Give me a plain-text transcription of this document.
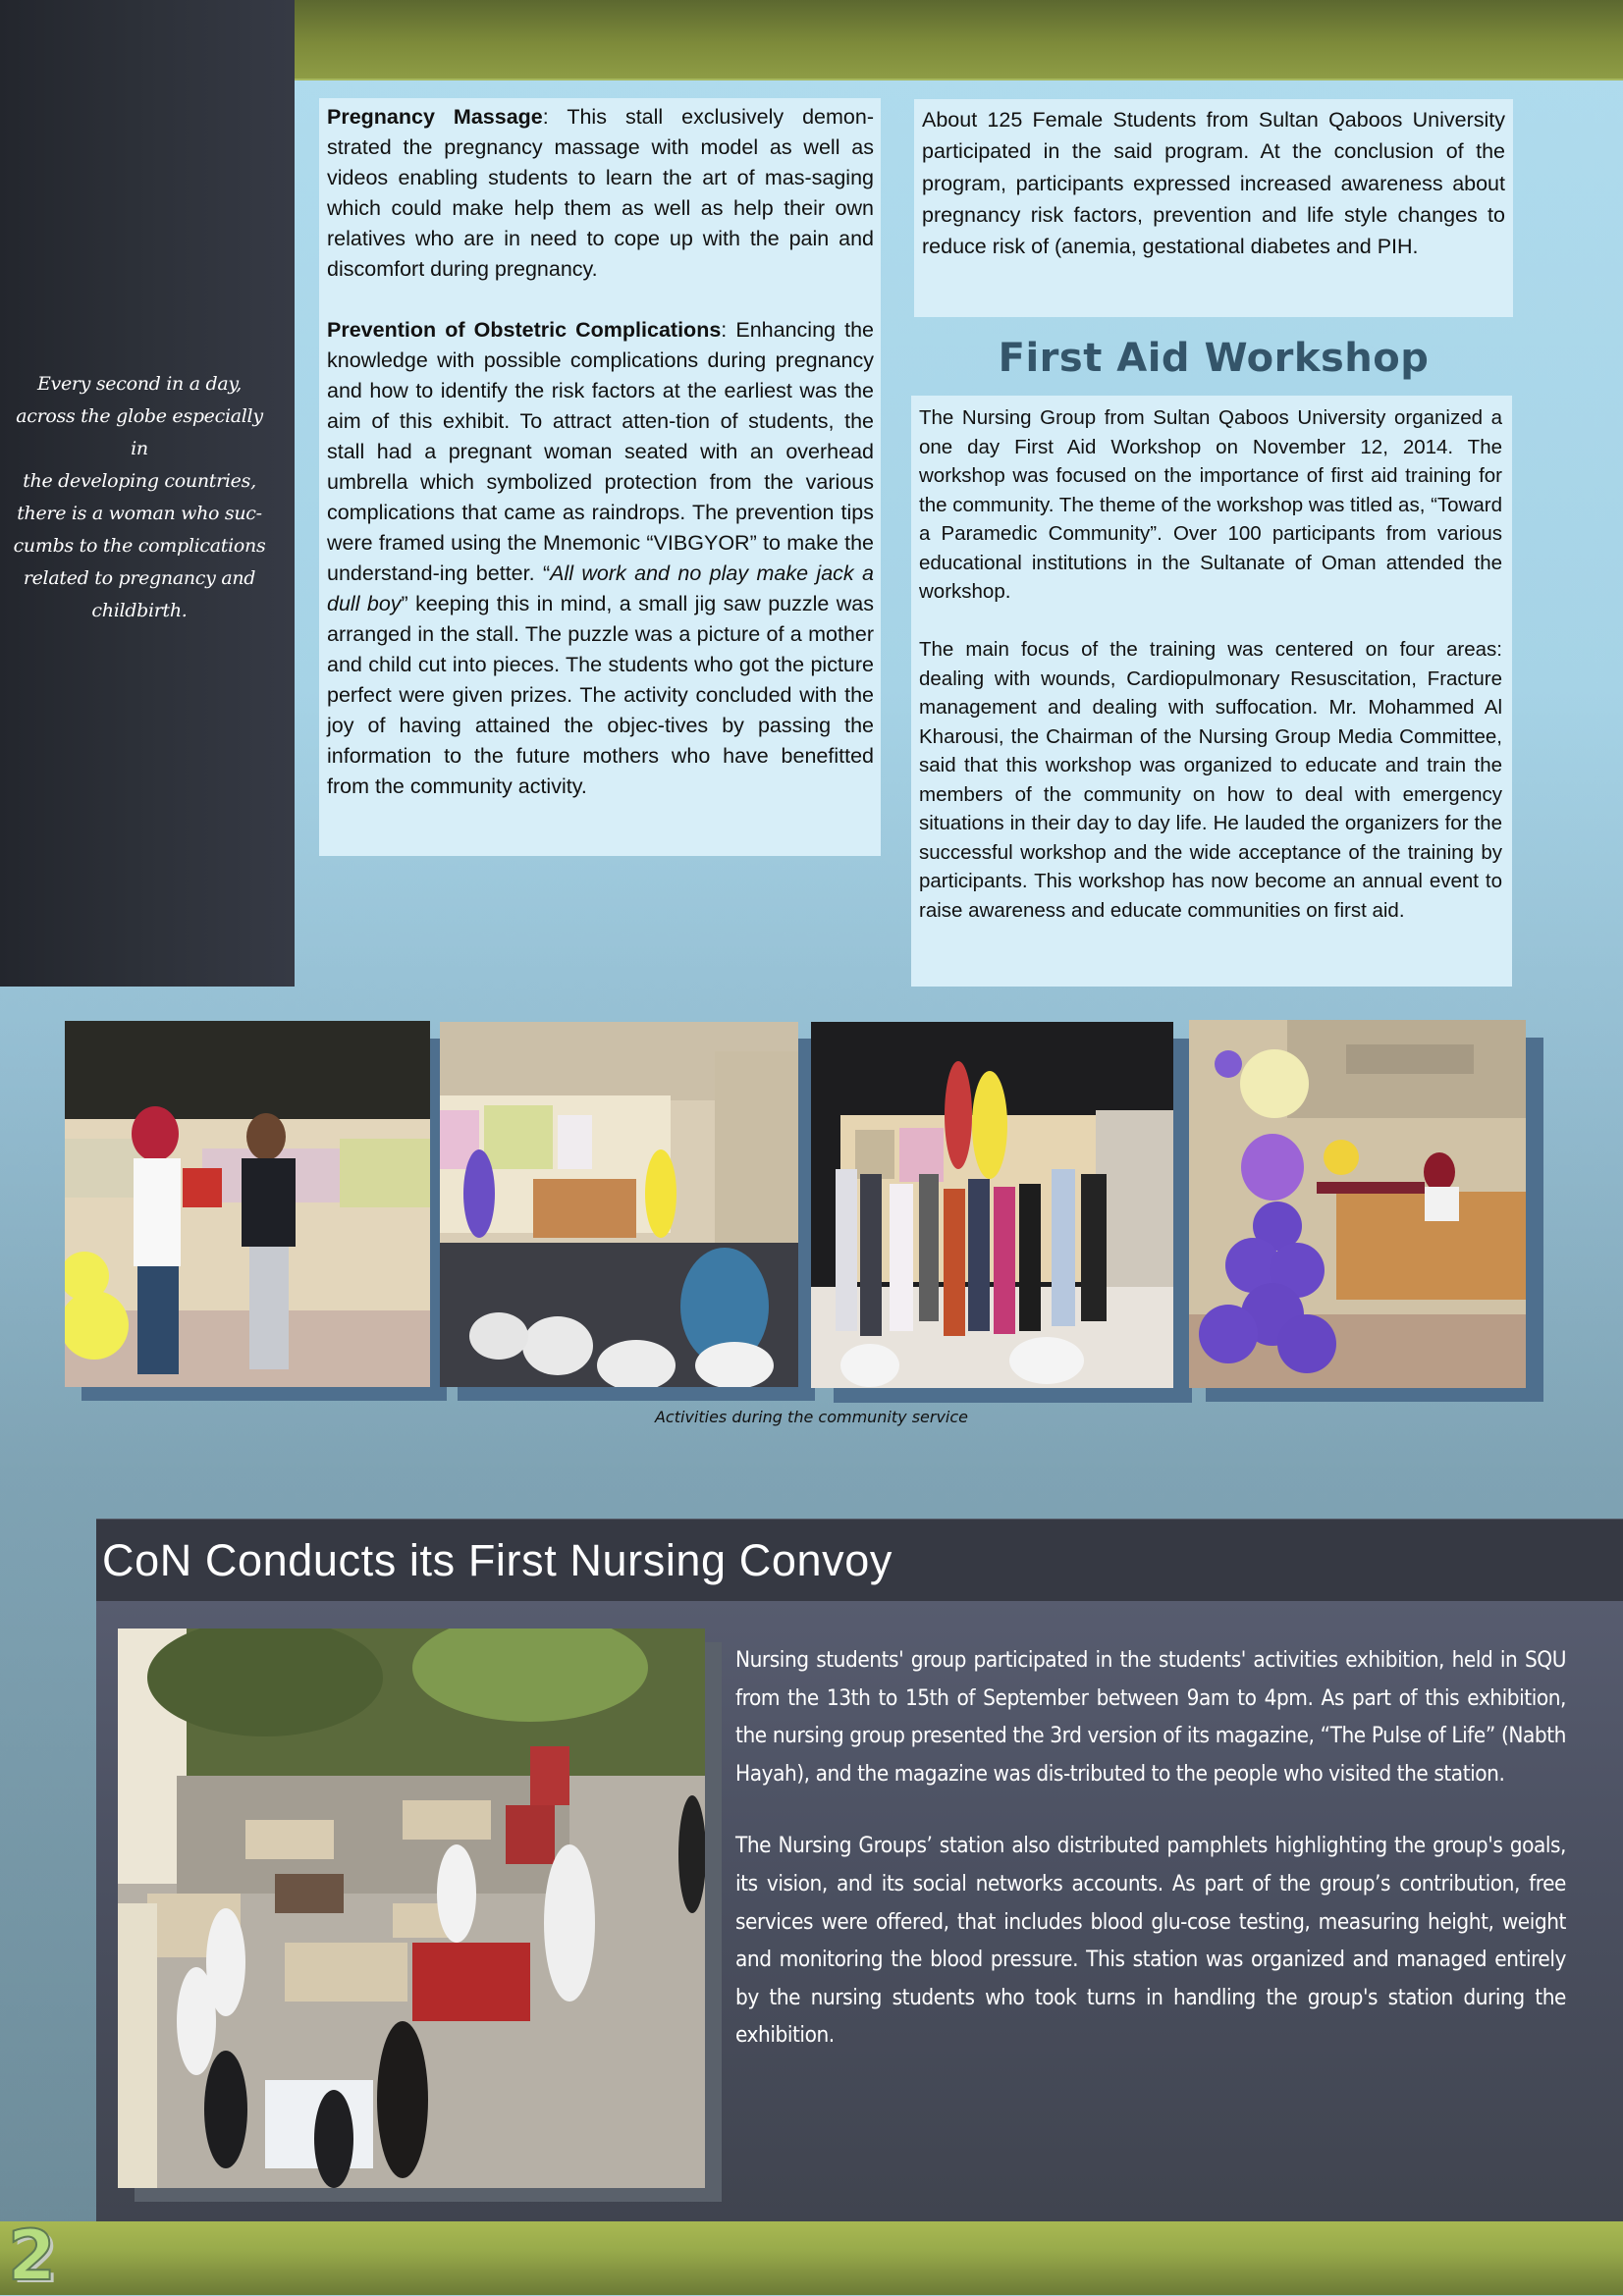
Every second in a day,
across the globe especially in
the developing countries,
there is a woman who suc-
cumbs to the complications
related to pregnancy and
childbirth.

Pregnancy Massage: This stall exclusively demon-strated the pregnancy massage with model as well as videos enabling students to learn the art of mas-saging which could make help them as well as help their own relatives who are in need to cope up with the pain and discomfort during pregnancy.

Prevention of Obstetric Complications: Enhancing the knowledge with possible complications during pregnancy and how to identify the risk factors at the earliest was the aim of this exhibit. To attract atten-tion of students, the stall had a pregnant woman seated with an overhead umbrella which symbolized protection from the various complications that came as raindrops. The prevention tips were framed using the Mnemonic “VIBGYOR” to make the understand-ing better. “All work and no play make jack a dull boy” keeping this in mind, a small jig saw puzzle was arranged in the stall. The puzzle was a picture of a mother and child cut into pieces. The students who got the picture perfect were given prizes. The activity concluded with the joy of having attained the objec-tives by passing the information to the future mothers who have benefitted from the community activity.

About 125 Female Students from Sultan Qaboos University participated in the said program. At the conclusion of the program, participants expressed increased awareness about pregnancy risk factors, prevention and life style changes to reduce risk of (anemia, gestational diabetes and PIH.

First Aid Workshop

The Nursing Group from Sultan Qaboos University organized a one day First Aid Workshop on November 12, 2014. The workshop was focused on the importance of first aid training for the community. The theme of the workshop was titled as, “Toward a Paramedic Community”. Over 100 participants from various educational institutions in the Sultanate of Oman attended the workshop.

The main focus of the training was centered on four areas: dealing with wounds, Cardiopulmonary Resuscitation, Fracture management and dealing with suffocation. Mr. Mohammed Al Kharousi, the Chairman of the Nursing Group Media Committee, said that this workshop was organized to educate and train the members of the community on how to deal with emergency situations in their day to day life. He lauded the organizers for the successful workshop and the wide acceptance of the training by participants. This workshop has now become an annual event to raise awareness and educate communities on first aid.

Activities during the community service
CoN Conducts its First Nursing Convoy

Nursing students' group participated in the students' activities exhibition, held in SQU from the 13th to 15th of September between 9am to 4pm. As part of this exhibition, the nursing group presented the 3rd version of its magazine, “The Pulse of Life” (Nabth Hayah), and the magazine was dis-tributed to the people who visited the station.

The Nursing Groups’ station also distributed pamphlets highlighting the group's goals, its vision, and its social networks accounts. As part of the group’s contribution, free services were offered, that includes blood glu-cose testing, measuring height, weight and monitoring the blood pressure. This station was organized and managed entirely by the nursing students who took turns in handling the group's station during the exhibition.

2
